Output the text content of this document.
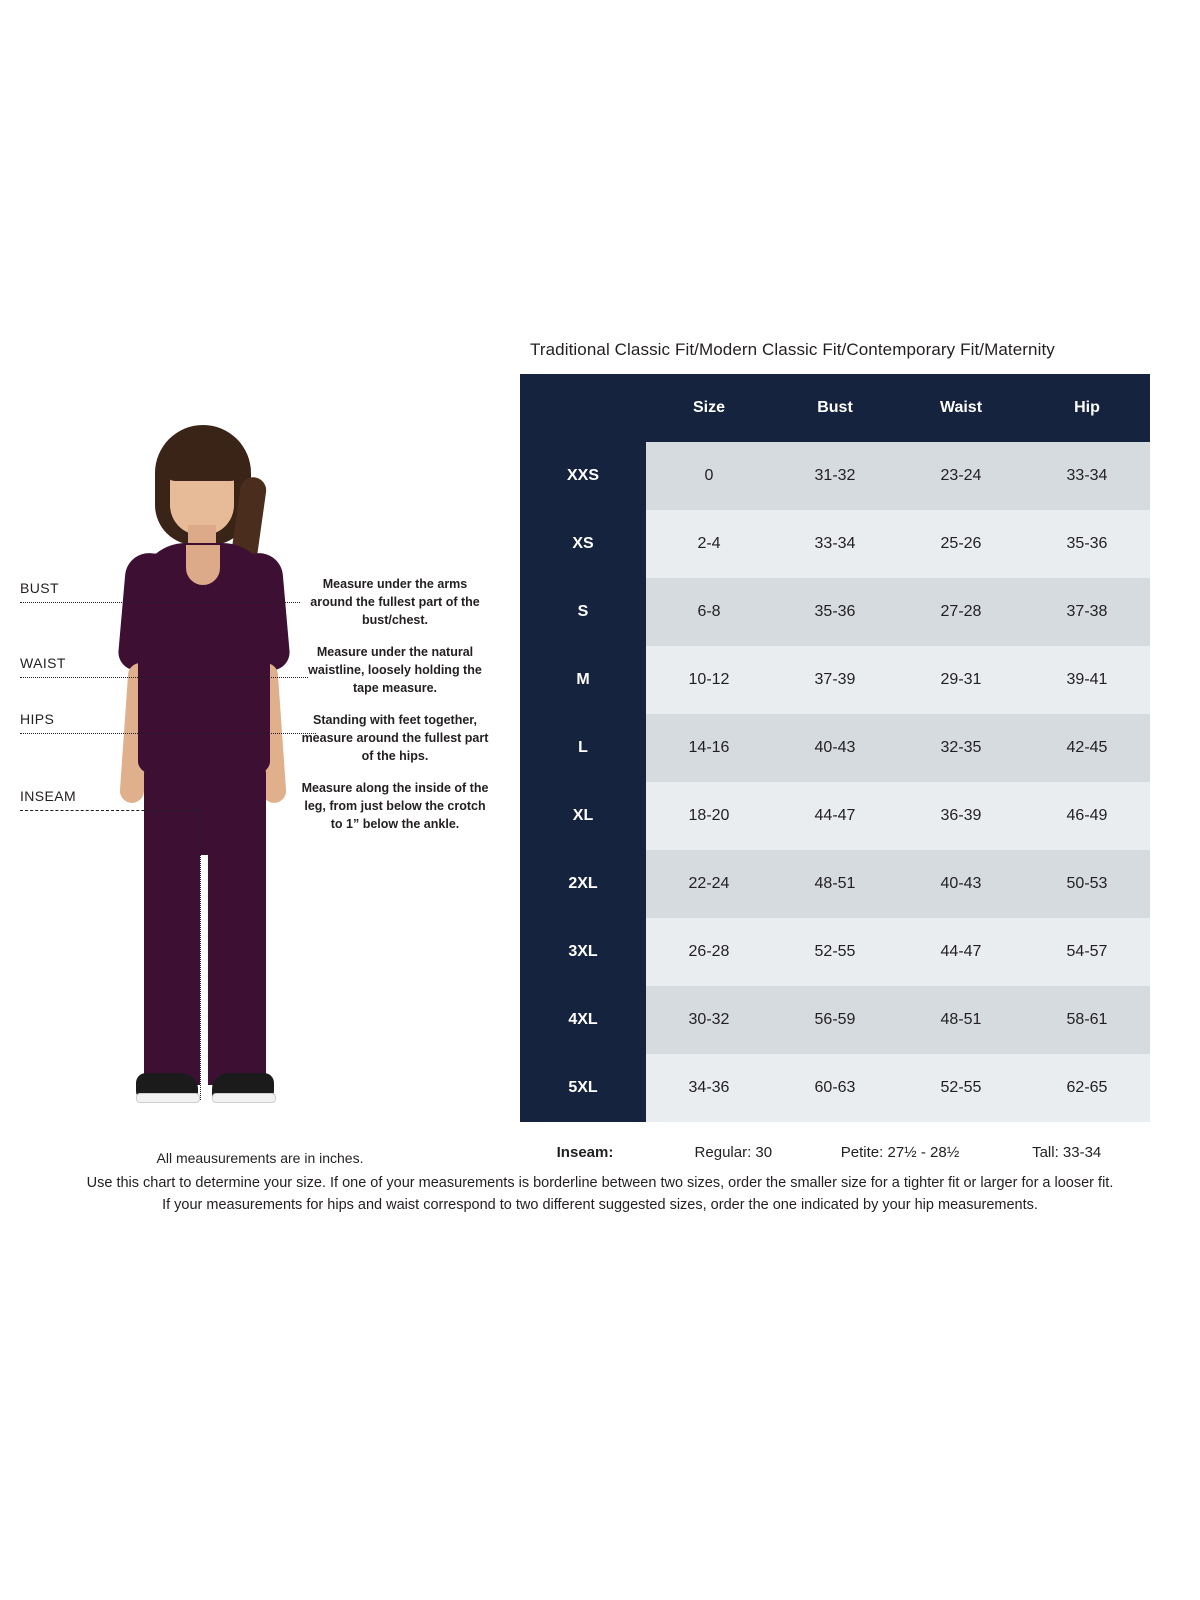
BUST
WAIST
HIPS
INSEAM
Measure under the arms around the fullest part of the bust/chest.
Measure under the natural waistline, loosely holding the tape measure.
Standing with feet together, measure around the fullest part of the hips.
Measure along the inside of the leg, from just below the crotch to 1” below the ankle.
All meausurements are in inches.
Traditional Classic Fit/Modern Classic Fit/Contemporary Fit/Maternity
	Size	Bust	Waist	Hip
XXS	0	31-32	23-24	33-34
XS	2-4	33-34	25-26	35-36
S	6-8	35-36	27-28	37-38
M	10-12	37-39	29-31	39-41
L	14-16	40-43	32-35	42-45
XL	18-20	44-47	36-39	46-49
2XL	22-24	48-51	40-43	50-53
3XL	26-28	52-55	44-47	54-57
4XL	30-32	56-59	48-51	58-61
5XL	34-36	60-63	52-55	62-65
Inseam:	Regular: 30	Petite: 27½ - 28½	Tall: 33-34
Use this chart to determine your size. If one of your measurements is borderline between two sizes, order the smaller size for a tighter fit or larger for a looser fit.
If your measurements for hips and waist correspond to two different suggested sizes, order the one indicated by your hip measurements.
